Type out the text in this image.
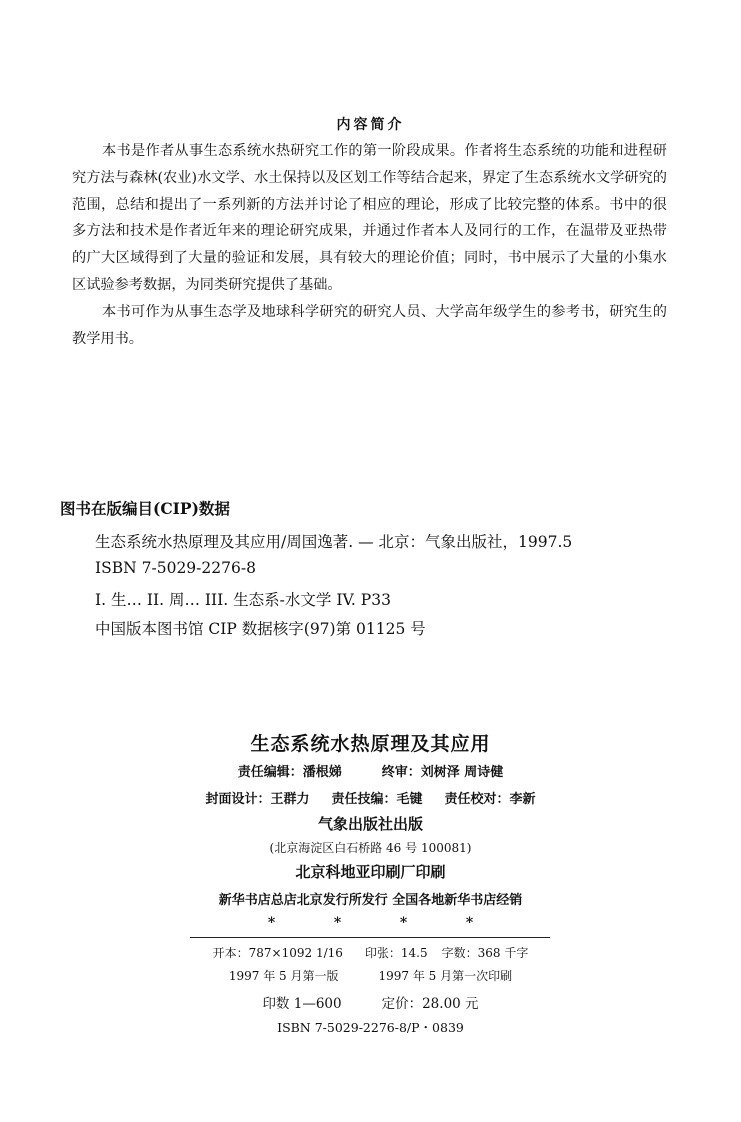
内容简介

本书是作者从事生态系统水热研究工作的第一阶段成果。作者将生态系统的功能和进程研究方法与森林(农业)水文学、水土保持以及区划工作等结合起来，界定了生态系统水文学研究的范围，总结和提出了一系列新的方法并讨论了相应的理论，形成了比较完整的体系。书中的很多方法和技术是作者近年来的理论研究成果，并通过作者本人及同行的工作，在温带及亚热带的广大区域得到了大量的验证和发展，具有较大的理论价值；同时，书中展示了大量的小集水区试验参考数据，为同类研究提供了基础。

本书可作为从事生态学及地球科学研究的研究人员、大学高年级学生的参考书，研究生的教学用书。

图书在版编目(CIP)数据
生态系统水热原理及其应用/周国逸著. — 北京：气象出版社，1997.5
ISBN 7-5029-2276-8
I. 生… II. 周… III. 生态系-水文学 IV. P33
中国版本图书馆 CIP 数据核字(97)第 01125 号
生态系统水热原理及其应用
责任编辑：潘根娣	终审：刘树泽 周诗健
封面设计：王群力 责任技编：毛键 责任校对：李新
气象出版社出版
(北京海淀区白石桥路 46 号 100081)
北京科地亚印刷厂印刷
新华书店总店北京发行所发行 全国各地新华书店经销
*	*	*	*
开本：787×1092 1/16 印张：14.5 字数：368 千字
1997 年 5 月第一版	1997 年 5 月第一次印刷
印数 1—600	定价：28.00 元
ISBN 7-5029-2276-8/P・0839
